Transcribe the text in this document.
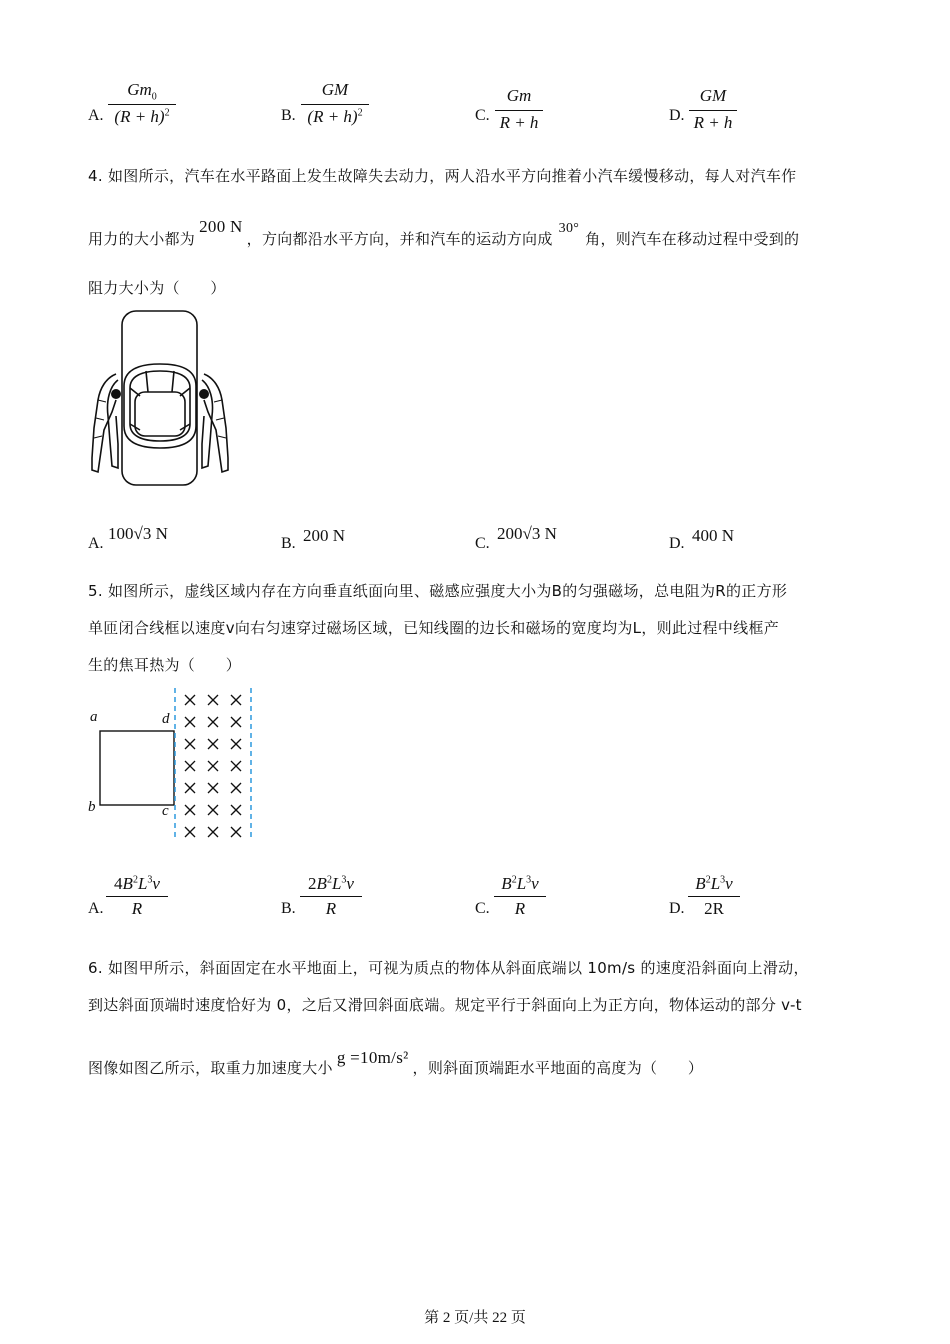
A.
$Gm_0$
$(R + h)^2$	B.
GM
$(R + h)^2$	C.
Gm
R + h	D.
GM
R + h
4. 如图所示，汽车在水平路面上发生故障失去动力，两人沿水平方向推着小汽车缓慢移动，每人对汽车作
用力的大小都为200 N，方向都沿水平方向，并和汽车的运动方向成30°角，则汽车在移动过程中受到的
阻力大小为（　　）
A.
100√3 N
B. 200 N	C.
200√3 N
D. 400 N
5. 如图所示，虚线区域内存在方向垂直纸面向里、磁感应强度大小为B的匀强磁场，总电阻为R的正方形
单匝闭合线框以速度v向右匀速穿过磁场区域，已知线圈的边长和磁场的宽度均为L，则此过程中线框产
生的焦耳热为（　　）
a	d
b	c
A.
$4B^2L^3v$
R	B.
$2B^2L^3v$
R	C.
$B^2L^3v$
R	D.
$B^2L^3v$
2R
6. 如图甲所示，斜面固定在水平地面上，可视为质点的物体从斜面底端以 10m/s 的速度沿斜面向上滑动，
到达斜面顶端时速度恰好为 0，之后又滑回斜面底端。规定平行于斜面向上为正方向，物体运动的部分 v-t
图像如图乙所示，取重力加速度大小g =10m/s²，则斜面顶端距水平地面的高度为（　　）
第 2 页/共 22 页
